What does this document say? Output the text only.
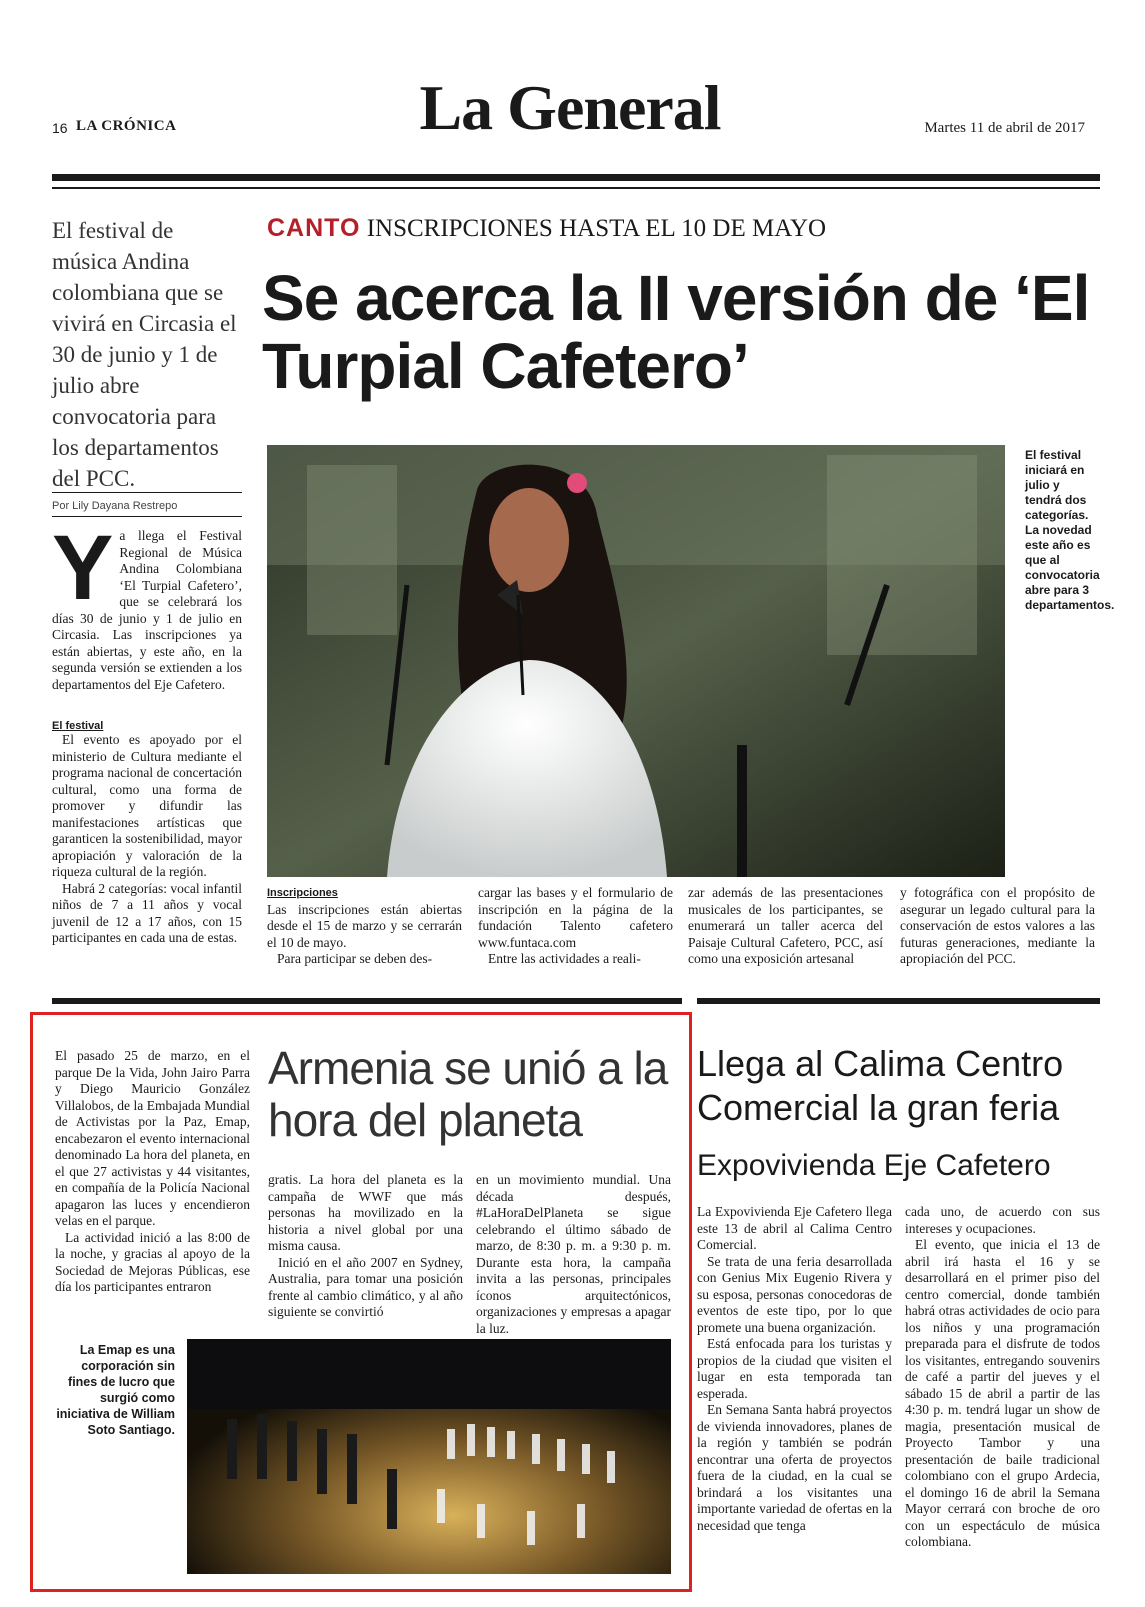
16 LA CRÓNICA	La General	Martes 11 de abril de 2017
El festival de música Andina colombiana que se vivirá en Circasia el 30 de junio y 1 de julio abre convocatoria para los departamentos del PCC.
Por Lily Dayana Restrepo
Y a llega el Festival Regional de Música Andina Colombiana ‘El Turpial Cafetero’, que se celebrará los días 30 de junio y 1 de julio en Circasia. Las inscripciones ya están abiertas, y este año, en la segunda versión se extienden a los departamentos del Eje Cafetero.
El festival
El evento es apoyado por el ministerio de Cultura mediante el programa nacional de concertación cultural, como una forma de promover y difundir las manifestaciones artísticas que garanticen la sostenibilidad, mayor apropiación y valoración de la riqueza cultural de la región.
Habrá 2 categorías: vocal infantil niños de 7 a 11 años y vocal juvenil de 12 a 17 años, con 15 participantes en cada una de estas.
CANTO INSCRIPCIONES HASTA EL 10 DE MAYO
Se acerca la II versión de ‘El Turpial Cafetero’
El festival iniciará en julio y tendrá dos categorías. La novedad este año es que al convocatoria abre para 3 departamentos.
Inscripciones
Las inscripciones están abiertas desde el 15 de marzo y se cerrarán el 10 de mayo.
Para participar se deben des-
cargar las bases y el formulario de inscripción en la página de la fundación Talento cafetero www.funtaca.com
Entre las actividades a reali-
zar además de las presentaciones musicales de los participantes, se enumerará un taller acerca del Paisaje Cultural Cafetero, PCC, así como una exposición artesanal
y fotográfica con el propósito de asegurar un legado cultural para la conservación de estos valores a las futuras generaciones, mediante la apropiación del PCC.
El pasado 25 de marzo, en el parque De la Vida, John Jairo Parra y Diego Mauricio González Villalobos, de la Embajada Mundial de Activistas por la Paz, Emap, encabezaron el evento internacional denominado La hora del planeta, en el que 27 activistas y 44 visitantes, en compañía de la Policía Nacional apagaron las luces y encendieron velas en el parque.
La actividad inició a las 8:00 de la noche, y gracias al apoyo de la Sociedad de Mejoras Públicas, ese día los participantes entraron
Armenia se unió a la hora del planeta
gratis. La hora del planeta es la campaña de WWF que más personas ha movilizado en la historia a nivel global por una misma causa.
Inició en el año 2007 en Sydney, Australia, para tomar una posición frente al cambio climático, y al año siguiente se convirtió
en un movimiento mundial. Una década después, #LaHoraDelPlaneta se sigue celebrando el último sábado de marzo, de 8:30 p. m. a 9:30 p. m. Durante esta hora, la campaña invita a las personas, principales íconos arquitectónicos, organizaciones y empresas a apagar la luz.
La Emap es una corporación sin fines de lucro que surgió como iniciativa de William Soto Santiago.
Llega al Calima Centro Comercial la gran feria
Expovivienda Eje Cafetero
La Expovivienda Eje Cafetero llega este 13 de abril al Calima Centro Comercial.
Se trata de una feria desarrollada con Genius Mix Eugenio Rivera y su esposa, personas conocedoras de eventos de este tipo, por lo que promete una buena organización.
Está enfocada para los turistas y propios de la ciudad que visiten el lugar en esta temporada tan esperada.
En Semana Santa habrá proyectos de vivienda innovadores, planes de la región y también se podrán encontrar una oferta de proyectos fuera de la ciudad, en la cual se brindará a los visitantes una importante variedad de ofertas en la necesidad que tenga
cada uno, de acuerdo con sus intereses y ocupaciones.
El evento, que inicia el 13 de abril irá hasta el 16 y se desarrollará en el primer piso del centro comercial, donde también habrá otras actividades de ocio para los niños y una programación preparada para el disfrute de todos los visitantes, entregando souvenirs de café a partir del jueves y el sábado 15 de abril a partir de las 4:30 p. m. tendrá lugar un show de magia, presentación musical de Proyecto Tambor y una presentación de baile tradicional colombiano con el grupo Ardecia, el domingo 16 de abril la Semana Mayor cerrará con broche de oro con un espectáculo de música colombiana.
